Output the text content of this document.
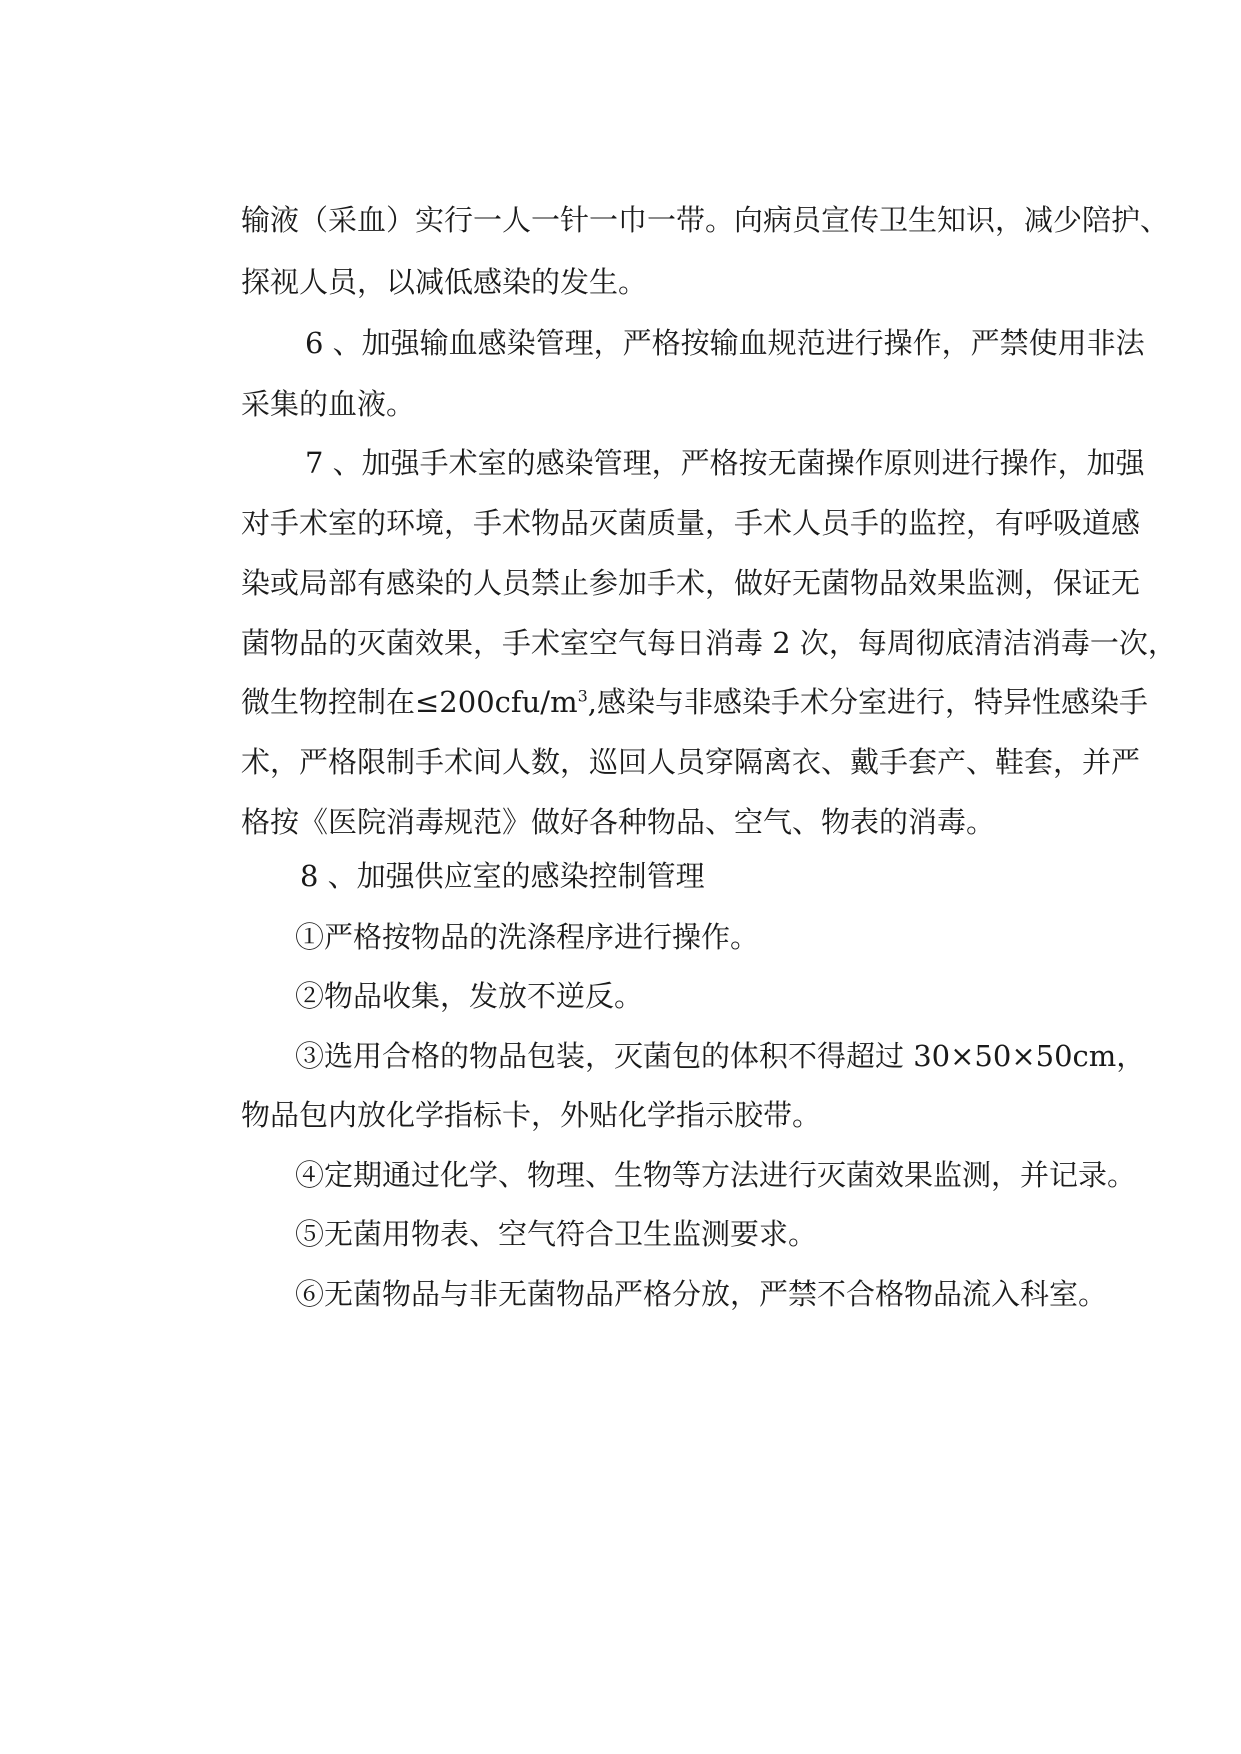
输液（采血）实行一人一针一巾一带。向病员宣传卫生知识，减少陪护、

探视人员，以减低感染的发生。

6 、加强输血感染管理，严格按输血规范进行操作，严禁使用非法

采集的血液。

7 、加强手术室的感染管理，严格按无菌操作原则进行操作，加强

对手术室的环境，手术物品灭菌质量，手术人员手的监控，有呼吸道感

染或局部有感染的人员禁止参加手术，做好无菌物品效果监测，保证无

菌物品的灭菌效果，手术室空气每日消毒 2 次，每周彻底清洁消毒一次，

微生物控制在$\le 200cfu/m^3$,感染与非感染手术分室进行，特异性感染手

术，严格限制手术间人数，巡回人员穿隔离衣、戴手套产、鞋套，并严

格按《医院消毒规范》做好各种物品、空气、物表的消毒。

8 、加强供应室的感染控制管理

①严格按物品的洗涤程序进行操作。

②物品收集，发放不逆反。

③选用合格的物品包装，灭菌包的体积不得超过 30×50×50cm，

物品包内放化学指标卡，外贴化学指示胶带。

④定期通过化学、物理、生物等方法进行灭菌效果监测，并记录。

⑤无菌用物表、空气符合卫生监测要求。

⑥无菌物品与非无菌物品严格分放，严禁不合格物品流入科室。
